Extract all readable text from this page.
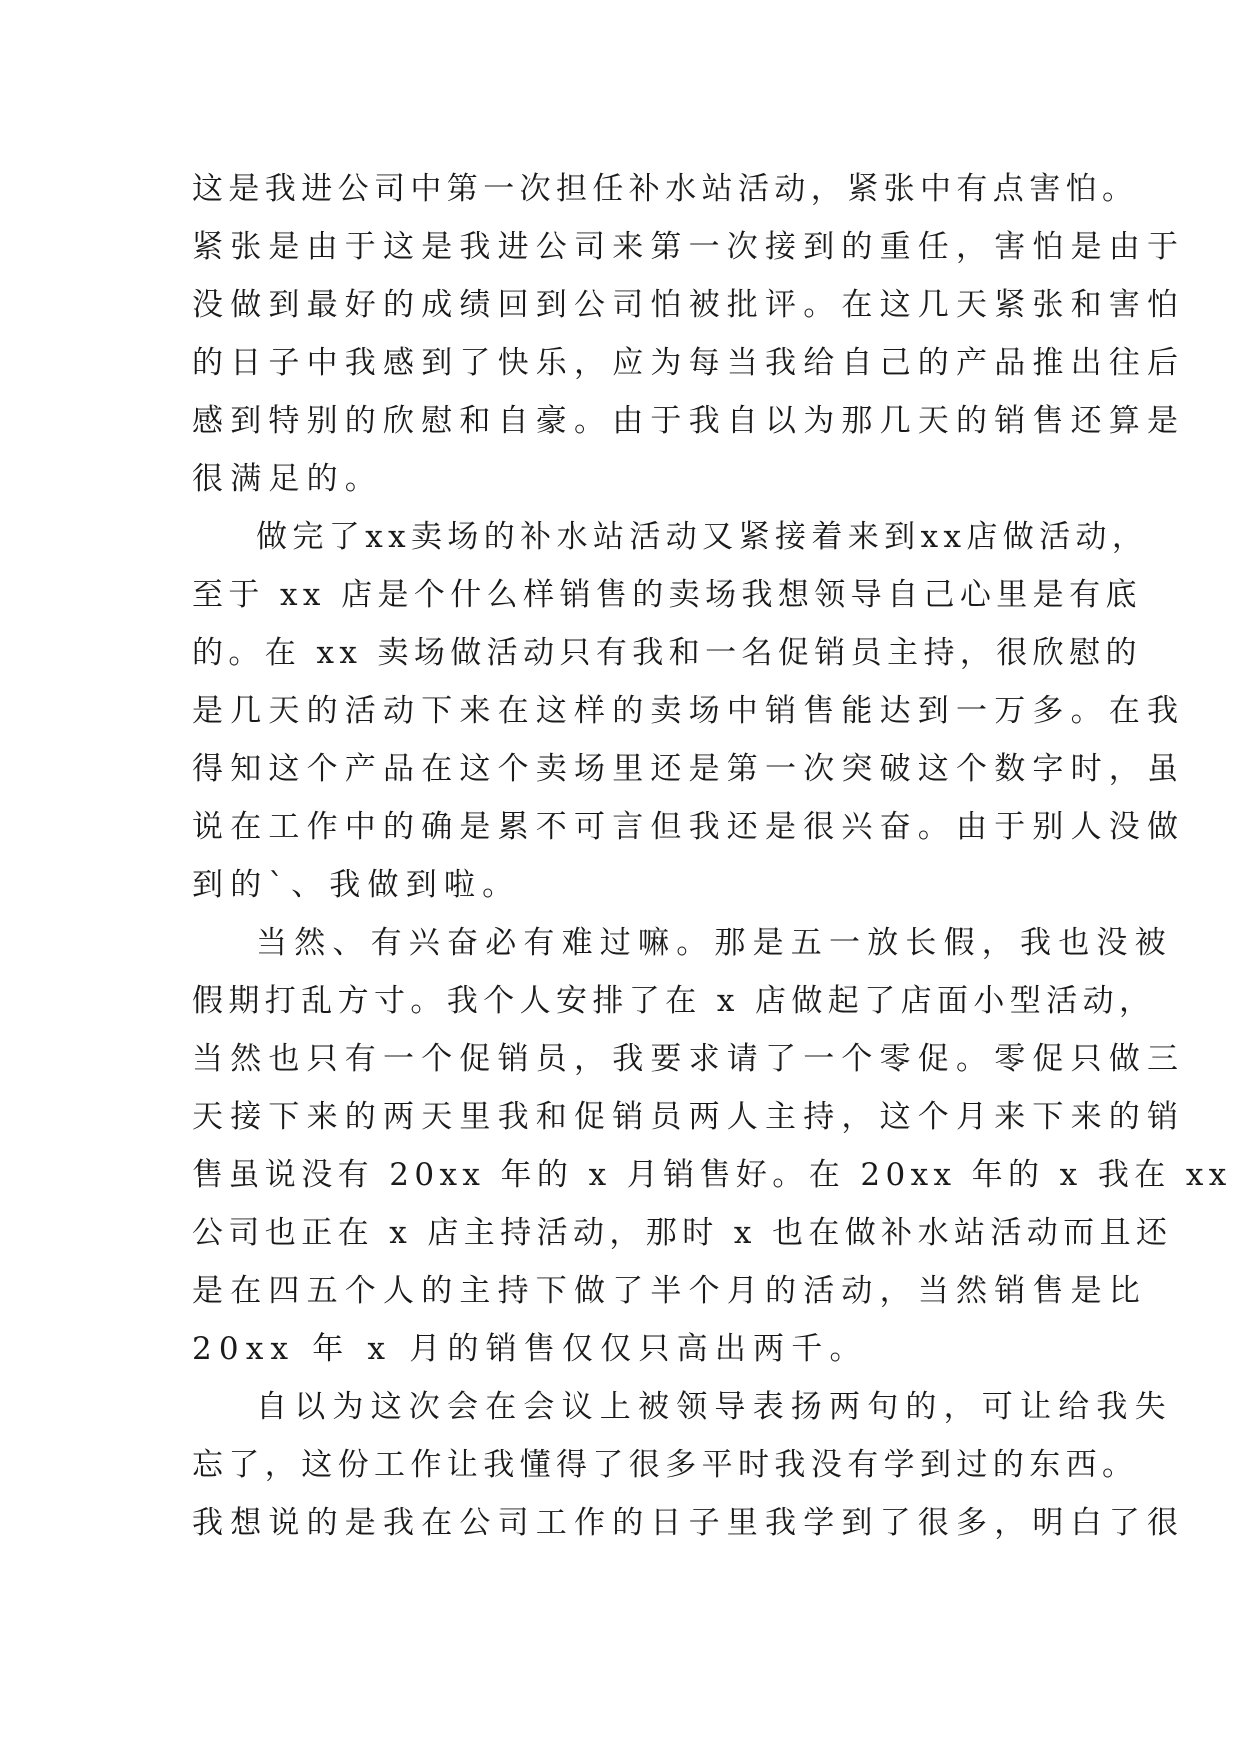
这是我进公司中第一次担任补水站活动，紧张中有点害怕。
紧张是由于这是我进公司来第一次接到的重任，害怕是由于
没做到最好的成绩回到公司怕被批评。在这几天紧张和害怕
的日子中我感到了快乐，应为每当我给自己的产品推出往后
感到特别的欣慰和自豪。由于我自以为那几天的销售还算是
很满足的。
做完了xx卖场的补水站活动又紧接着来到xx店做活动，
至于 xx 店是个什么样销售的卖场我想领导自己心里是有底
的。在 xx 卖场做活动只有我和一名促销员主持，很欣慰的
是几天的活动下来在这样的卖场中销售能达到一万多。在我
得知这个产品在这个卖场里还是第一次突破这个数字时，虽
说在工作中的确是累不可言但我还是很兴奋。由于别人没做
到的`、我做到啦。
当然、有兴奋必有难过嘛。那是五一放长假，我也没被
假期打乱方寸。我个人安排了在 x 店做起了店面小型活动，
当然也只有一个促销员，我要求请了一个零促。零促只做三
天接下来的两天里我和促销员两人主持，这个月来下来的销
售虽说没有 20xx 年的 x 月销售好。在 20xx 年的 x 我在 xx
公司也正在 x 店主持活动，那时 x 也在做补水站活动而且还
是在四五个人的主持下做了半个月的活动，当然销售是比
20xx 年 x 月的销售仅仅只高出两千。
自以为这次会在会议上被领导表扬两句的，可让给我失
忘了，这份工作让我懂得了很多平时我没有学到过的东西。
我想说的是我在公司工作的日子里我学到了很多，明白了很
